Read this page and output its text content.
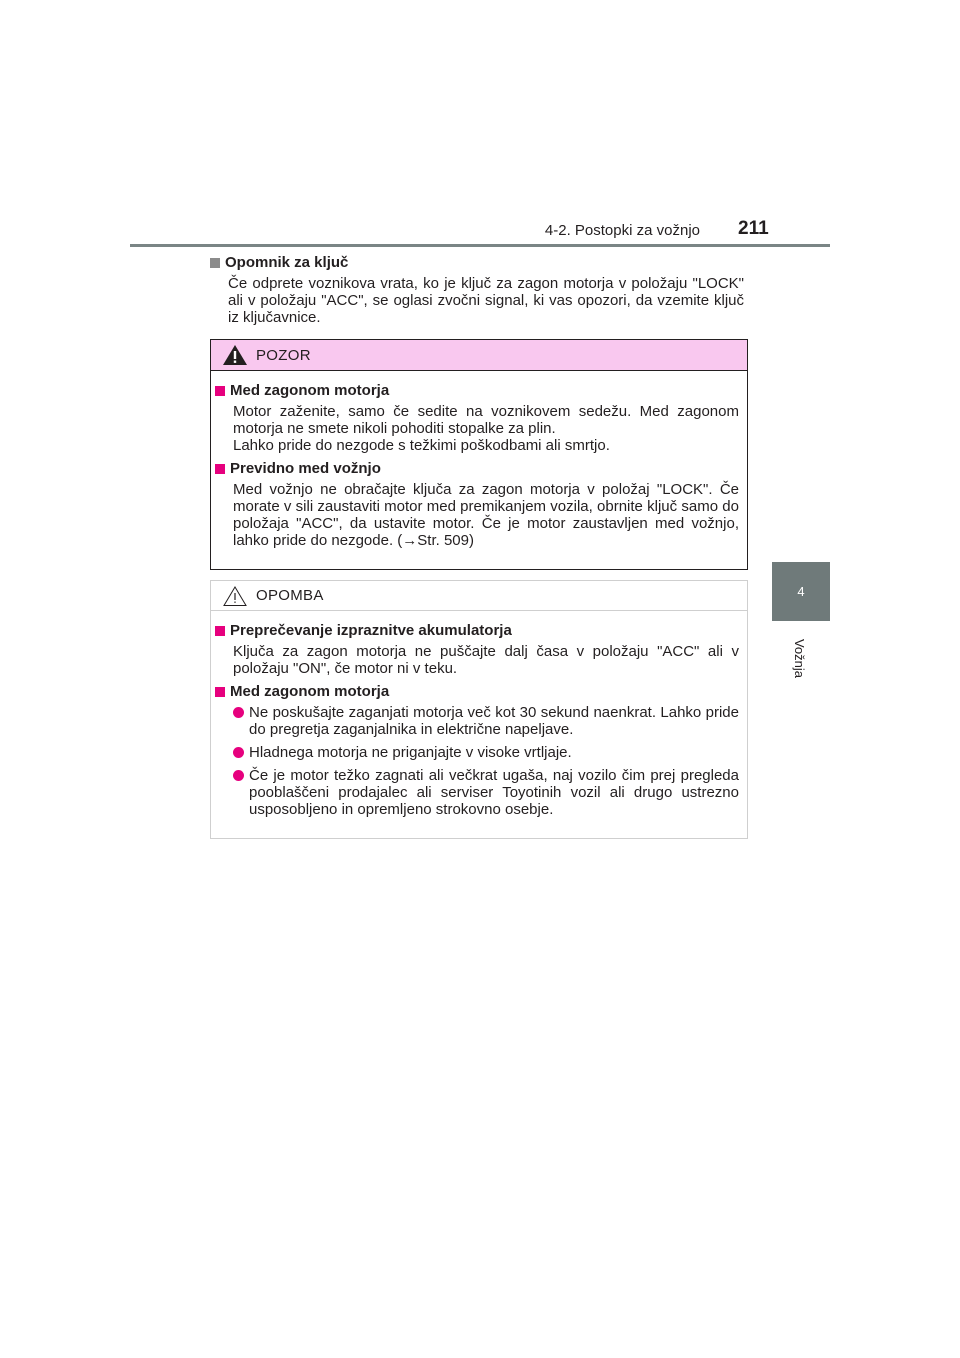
4-2. Postopki za vožnjo 211
4
Vožnja
Opomnik za ključ
Če odprete voznikova vrata, ko je ključ za zagon motorja v položaju "LOCK" ali v položaju "ACC", se oglasi zvočni signal, ki vas opozori, da vzemite ključ iz ključavnice.
POZOR
Med zagonom motorja
Motor zaženite, samo če sedite na voznikovem sedežu. Med zagonom motorja ne smete nikoli pohoditi stopalke za plin.
Lahko pride do nezgode s težkimi poškodbami ali smrtjo.
Previdno med vožnjo
Med vožnjo ne obračajte ključa za zagon motorja v položaj "LOCK". Če morate v sili zaustaviti motor med premikanjem vozila, obrnite ključ samo do položaja "ACC", da ustavite motor. Če je motor zaustavljen med vožnjo, lahko pride do nezgode. (→Str. 509)
OPOMBA
Preprečevanje izpraznitve akumulatorja
Ključa za zagon motorja ne puščajte dalj časa v položaju "ACC" ali v položaju "ON", če motor ni v teku.
Med zagonom motorja
Ne poskušajte zaganjati motorja več kot 30 sekund naenkrat. Lahko pride do pregretja zaganjalnika in električne napeljave.
Hladnega motorja ne priganjajte v visoke vrtljaje.
Če je motor težko zagnati ali večkrat ugaša, naj vozilo čim prej pregleda pooblaščeni prodajalec ali serviser Toyotinih vozil ali drugo ustrezno usposobljeno in opremljeno strokovno osebje.
